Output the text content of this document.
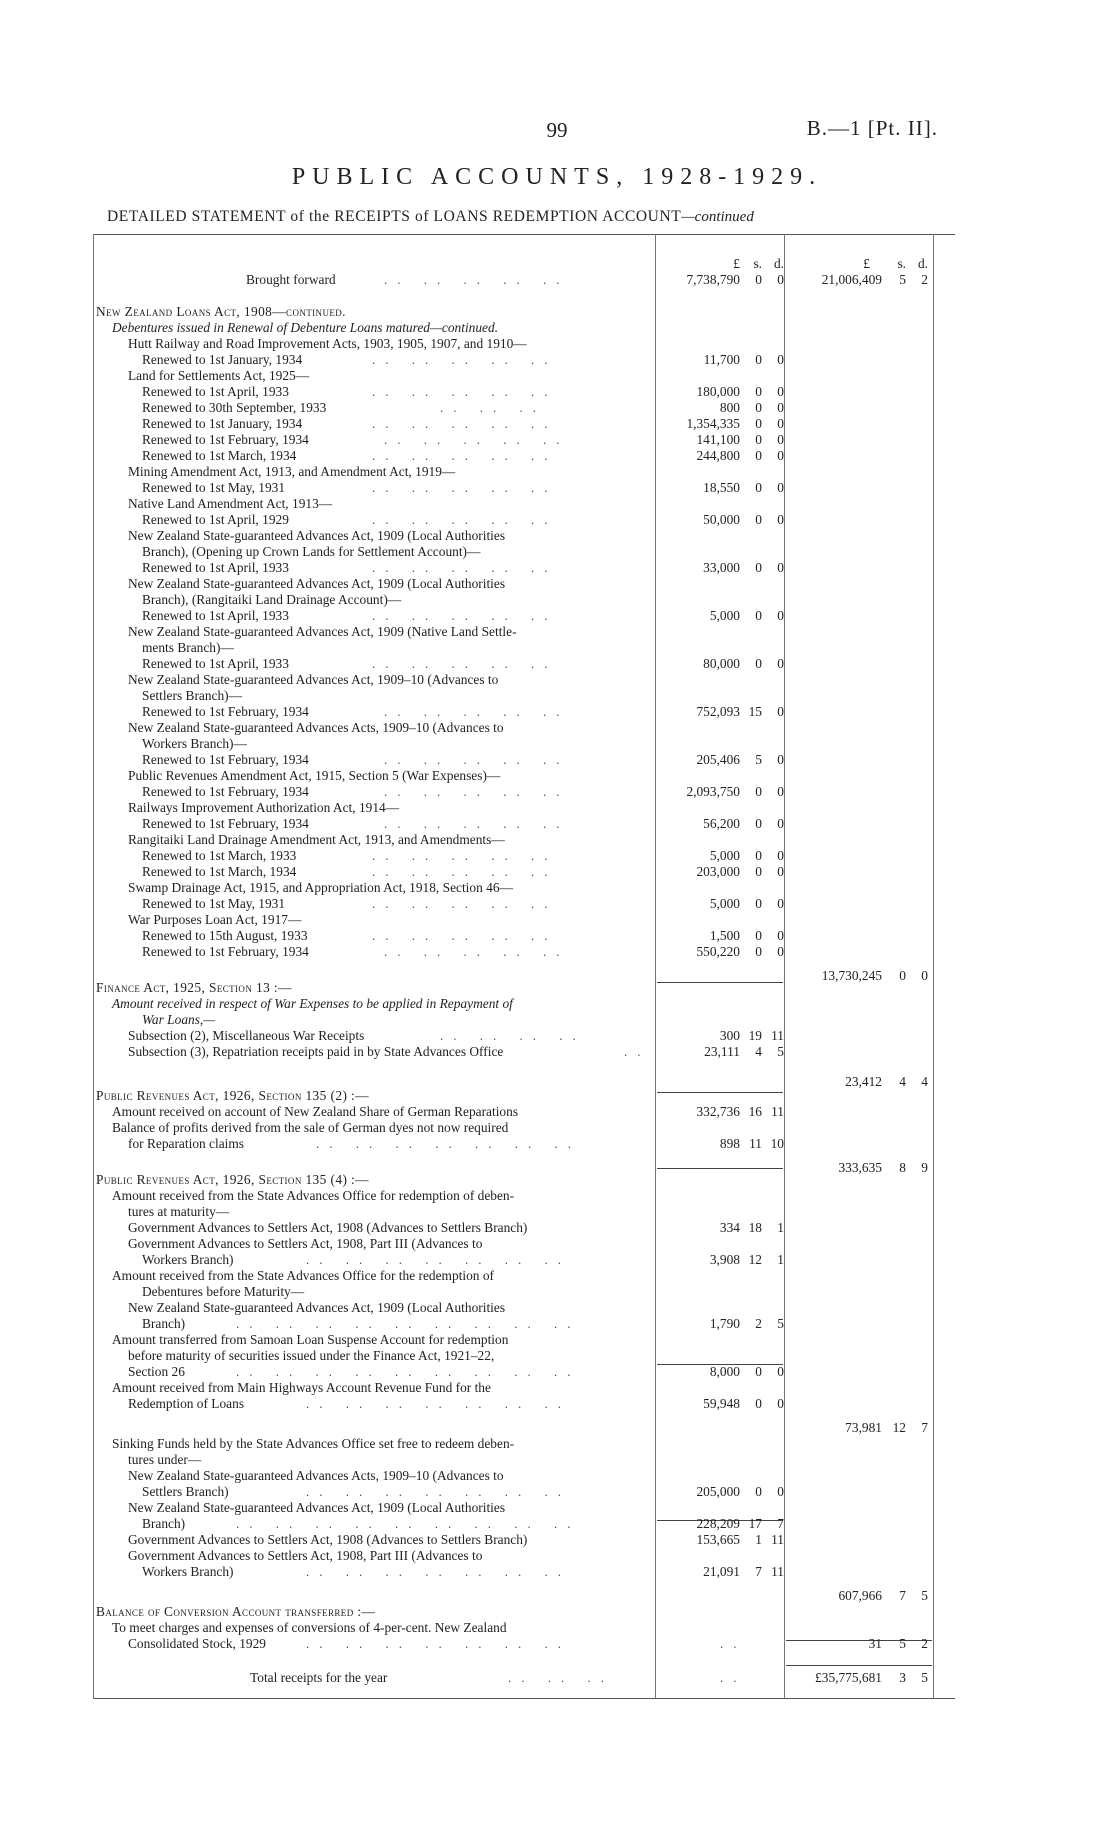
99	B.—1 [Pt. II].
PUBLIC ACCOUNTS, 1928-1929.
DETAILED STATEMENT of the RECEIPTS of LOANS REDEMPTION ACCOUNT—continued
£	s. d.	£	s. d.
Brought forward	.. .. .. .. ..	7,738,790	0	0	21,006,409	5	2
New Zealand Loans Act, 1908—continued.
Debentures issued in Renewal of Debenture Loans matured—continued.
Hutt Railway and Road Improvement Acts, 1903, 1905, 1907, and 1910—
Renewed to 1st January, 1934	.. .. .. .. ..	11,700	0	0
Land for Settlements Act, 1925—
Renewed to 1st April, 1933	.. .. .. .. ..	180,000	0	0
Renewed to 30th September, 1933	.. .. ..	800	0	0
Renewed to 1st January, 1934	.. .. .. .. ..	1,354,335	0	0
Renewed to 1st February, 1934	.. .. .. .. ..	141,100	0	0
Renewed to 1st March, 1934	.. .. .. .. ..	244,800	0	0
Mining Amendment Act, 1913, and Amendment Act, 1919—
Renewed to 1st May, 1931	.. .. .. .. ..	18,550	0	0
Native Land Amendment Act, 1913—
Renewed to 1st April, 1929	.. .. .. .. ..	50,000	0	0
New Zealand State-guaranteed Advances Act, 1909 (Local Authorities
Branch), (Opening up Crown Lands for Settlement Account)—
Renewed to 1st April, 1933	.. .. .. .. ..	33,000	0	0
New Zealand State-guaranteed Advances Act, 1909 (Local Authorities
Branch), (Rangitaiki Land Drainage Account)—
Renewed to 1st April, 1933	.. .. .. .. ..	5,000	0	0
New Zealand State-guaranteed Advances Act, 1909 (Native Land Settle-
ments Branch)—
Renewed to 1st April, 1933	.. .. .. .. ..	80,000	0	0
New Zealand State-guaranteed Advances Act, 1909–10 (Advances to
Settlers Branch)—
Renewed to 1st February, 1934	.. .. .. .. ..	752,093 15	0
New Zealand State-guaranteed Advances Acts, 1909–10 (Advances to
Workers Branch)—
Renewed to 1st February, 1934	.. .. .. .. ..	205,406	5	0
Public Revenues Amendment Act, 1915, Section 5 (War Expenses)—
Renewed to 1st February, 1934	.. .. .. .. ..	2,093,750	0	0
Railways Improvement Authorization Act, 1914—
Renewed to 1st February, 1934	.. .. .. .. ..	56,200	0	0
Rangitaiki Land Drainage Amendment Act, 1913, and Amendments—
Renewed to 1st March, 1933	.. .. .. .. ..	5,000	0	0
Renewed to 1st March, 1934	.. .. .. .. ..	203,000	0	0
Swamp Drainage Act, 1915, and Appropriation Act, 1918, Section 46—
Renewed to 1st May, 1931	.. .. .. .. ..	5,000	0	0
War Purposes Loan Act, 1917—
Renewed to 15th August, 1933	.. .. .. .. ..	1,500	0	0
Renewed to 1st February, 1934	.. .. .. .. ..	550,220	0	0
13,730,245	0	0
Finance Act, 1925, Section 13 :—
Amount received in respect of War Expenses to be applied in Repayment of
War Loans,—
Subsection (2), Miscellaneous War Receipts	.. .. .. ..	300 19 11
Subsection (3), Repatriation receipts paid in by State Advances Office	..	23,111	4	5
23,412	4	4
Public Revenues Act, 1926, Section 135 (2) :—
Amount received on account of New Zealand Share of German Reparations	332,736 16 11
Balance of profits derived from the sale of German dyes not now required
for Reparation claims	.. .. .. .. .. .. ..	898 11 10
333,635	8	9
Public Revenues Act, 1926, Section 135 (4) :—
Amount received from the State Advances Office for redemption of deben-
tures at maturity—
Government Advances to Settlers Act, 1908 (Advances to Settlers Branch)	334 18	1
Government Advances to Settlers Act, 1908, Part III (Advances to
Workers Branch)	.. .. .. .. .. .. ..	3,908 12	1
Amount received from the State Advances Office for the redemption of
Debentures before Maturity—
New Zealand State-guaranteed Advances Act, 1909 (Local Authorities
Branch)	.. .. .. .. .. .. .. .. ..	1,790	2	5
Amount transferred from Samoan Loan Suspense Account for redemption
before maturity of securities issued under the Finance Act, 1921–22,
Section 26	.. .. .. .. .. .. .. .. ..	8,000	0	0
Amount received from Main Highways Account Revenue Fund for the
Redemption of Loans	.. .. .. .. .. .. ..	59,948	0	0
73,981 12	7
Sinking Funds held by the State Advances Office set free to redeem deben-
tures under—
New Zealand State-guaranteed Advances Acts, 1909–10 (Advances to
Settlers Branch)	.. .. .. .. .. .. ..	205,000	0	0
New Zealand State-guaranteed Advances Act, 1909 (Local Authorities
Branch)	.. .. .. .. .. .. .. .. ..	228,209 17	7
Government Advances to Settlers Act, 1908 (Advances to Settlers Branch)	153,665	1 11
Government Advances to Settlers Act, 1908, Part III (Advances to
Workers Branch)	.. .. .. .. .. .. ..	21,091	7 11
607,966	7	5
Balance of Conversion Account transferred :—
To meet charges and expenses of conversions of 4-per-cent. New Zealand
Consolidated Stock, 1929	.. .. .. .. .. .. ..	..	31	5	2
Total receipts for the year	.. .. ..	..	£35,775,681	3	5
